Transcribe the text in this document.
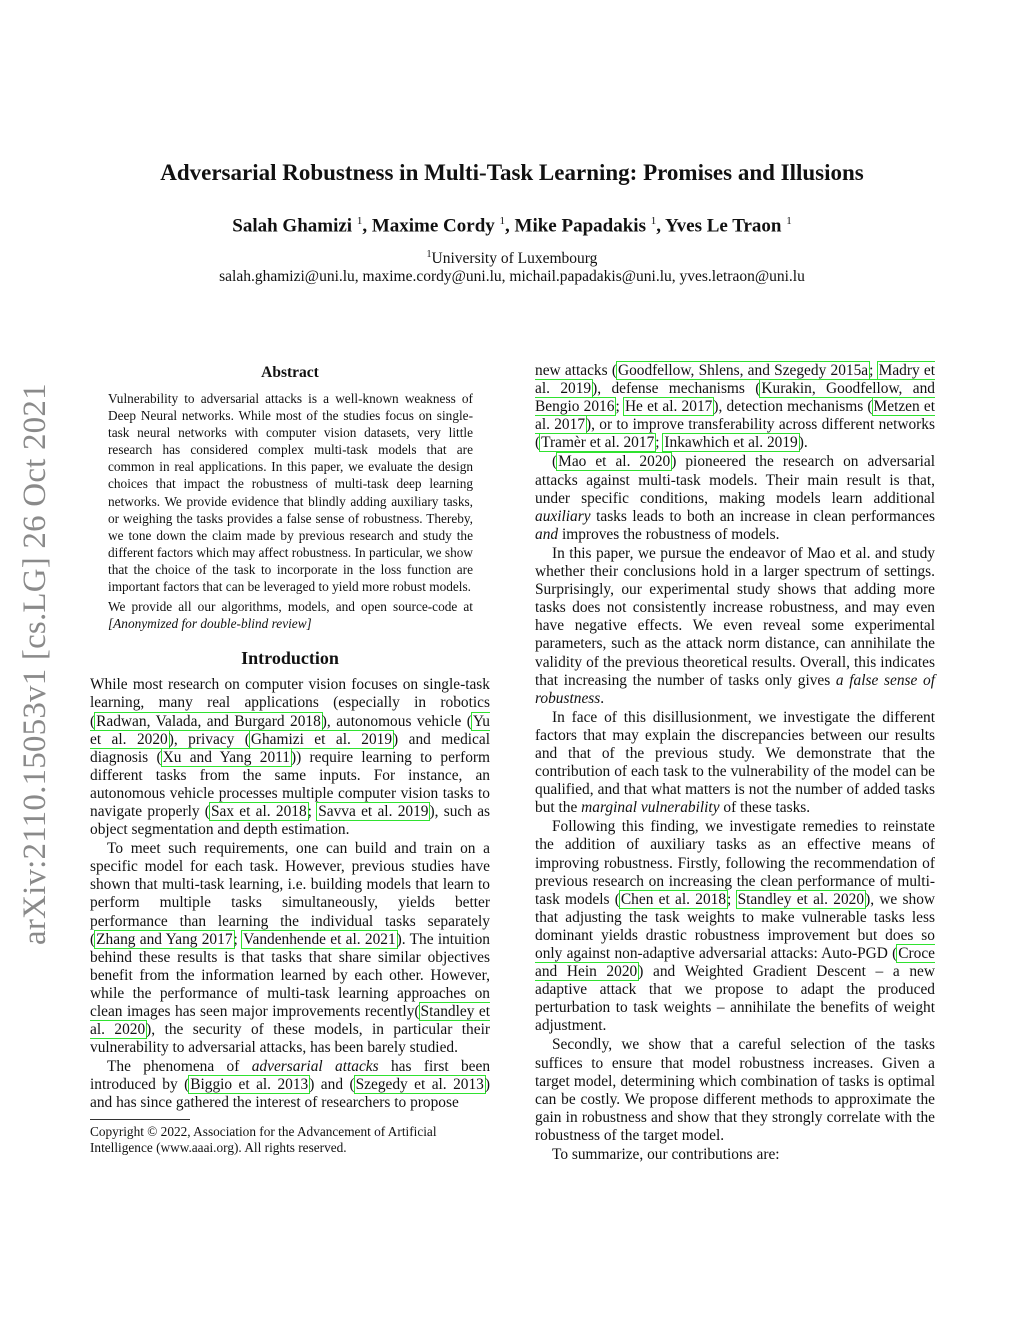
arXiv:2110.15053v1 [cs.LG] 26 Oct 2021
Adversarial Robustness in Multi-Task Learning: Promises and Illusions
Salah Ghamizi $^1$, Maxime Cordy $^1$, Mike Papadakis $^1$, Yves Le Traon $^1$
$^1$University of Luxembourg
salah.ghamizi@uni.lu, maxime.cordy@uni.lu, michail.papadakis@uni.lu, yves.letraon@uni.lu
Abstract

Vulnerability to adversarial attacks is a well-known weakness of Deep Neural networks. While most of the studies focus on single-task neural networks with computer vision datasets, very little research has considered complex multi-task models that are common in real applications. In this paper, we evaluate the design choices that impact the robustness of multi-task deep learning networks. We provide evidence that blindly adding auxiliary tasks, or weighing the tasks provides a false sense of robustness. Thereby, we tone down the claim made by previous research and study the different factors which may affect robustness. In particular, we show that the choice of the task to incorporate in the loss function are important factors that can be leveraged to yield more robust models.

We provide all our algorithms, models, and open source-code at [Anonymized for double-blind review]

Introduction

While most research on computer vision focuses on single-task learning, many real applications (especially in robotics (Radwan, Valada, and Burgard 2018), autonomous vehicle (Yu et al. 2020), privacy (Ghamizi et al. 2019) and medical diagnosis (Xu and Yang 2011)) require learning to perform different tasks from the same inputs. For instance, an autonomous vehicle processes multiple computer vision tasks to navigate properly (Sax et al. 2018; Savva et al. 2019), such as object segmentation and depth estimation.

To meet such requirements, one can build and train on a specific model for each task. However, previous studies have shown that multi-task learning, i.e. building models that learn to perform multiple tasks simultaneously, yields better performance than learning the individual tasks separately (Zhang and Yang 2017; Vandenhende et al. 2021). The intuition behind these results is that tasks that share similar objectives benefit from the information learned by each other. However, while the performance of multi-task learning approaches on clean images has seen major improvements recently(Standley et al. 2020), the security of these models, in particular their vulnerability to adversarial attacks, has been barely studied.

The phenomena of adversarial attacks has first been introduced by (Biggio et al. 2013) and (Szegedy et al. 2013) and has since gathered the interest of researchers to propose

Copyright © 2022, Association for the Advancement of Artificial Intelligence (www.aaai.org). All rights reserved.

new attacks (Goodfellow, Shlens, and Szegedy 2015a; Madry et al. 2019), defense mechanisms (Kurakin, Goodfellow, and Bengio 2016; He et al. 2017), detection mechanisms (Metzen et al. 2017), or to improve transferability across different networks (Tramèr et al. 2017; Inkawhich et al. 2019).

(Mao et al. 2020) pioneered the research on adversarial attacks against multi-task models. Their main result is that, under specific conditions, making models learn additional auxiliary tasks leads to both an increase in clean performances and improves the robustness of models.

In this paper, we pursue the endeavor of Mao et al. and study whether their conclusions hold in a larger spectrum of settings. Surprisingly, our experimental study shows that adding more tasks does not consistently increase robustness, and may even have negative effects. We even reveal some experimental parameters, such as the attack norm distance, can annihilate the validity of the previous theoretical results. Overall, this indicates that increasing the number of tasks only gives a false sense of robustness.

In face of this disillusionment, we investigate the different factors that may explain the discrepancies between our results and that of the previous study. We demonstrate that the contribution of each task to the vulnerability of the model can be qualified, and that what matters is not the number of added tasks but the marginal vulnerability of these tasks.

Following this finding, we investigate remedies to reinstate the addition of auxiliary tasks as an effective means of improving robustness. Firstly, following the recommendation of previous research on increasing the clean performance of multi-task models (Chen et al. 2018; Standley et al. 2020), we show that adjusting the task weights to make vulnerable tasks less dominant yields drastic robustness improvement but does so only against non-adaptive adversarial attacks: Auto-PGD (Croce and Hein 2020) and Weighted Gradient Descent – a new adaptive attack that we propose to adapt the produced perturbation to task weights – annihilate the benefits of weight adjustment.

Secondly, we show that a careful selection of the tasks suffices to ensure that model robustness increases. Given a target model, determining which combination of tasks is optimal can be costly. We propose different methods to approximate the gain in robustness and show that they strongly correlate with the robustness of the target model.

To summarize, our contributions are:
